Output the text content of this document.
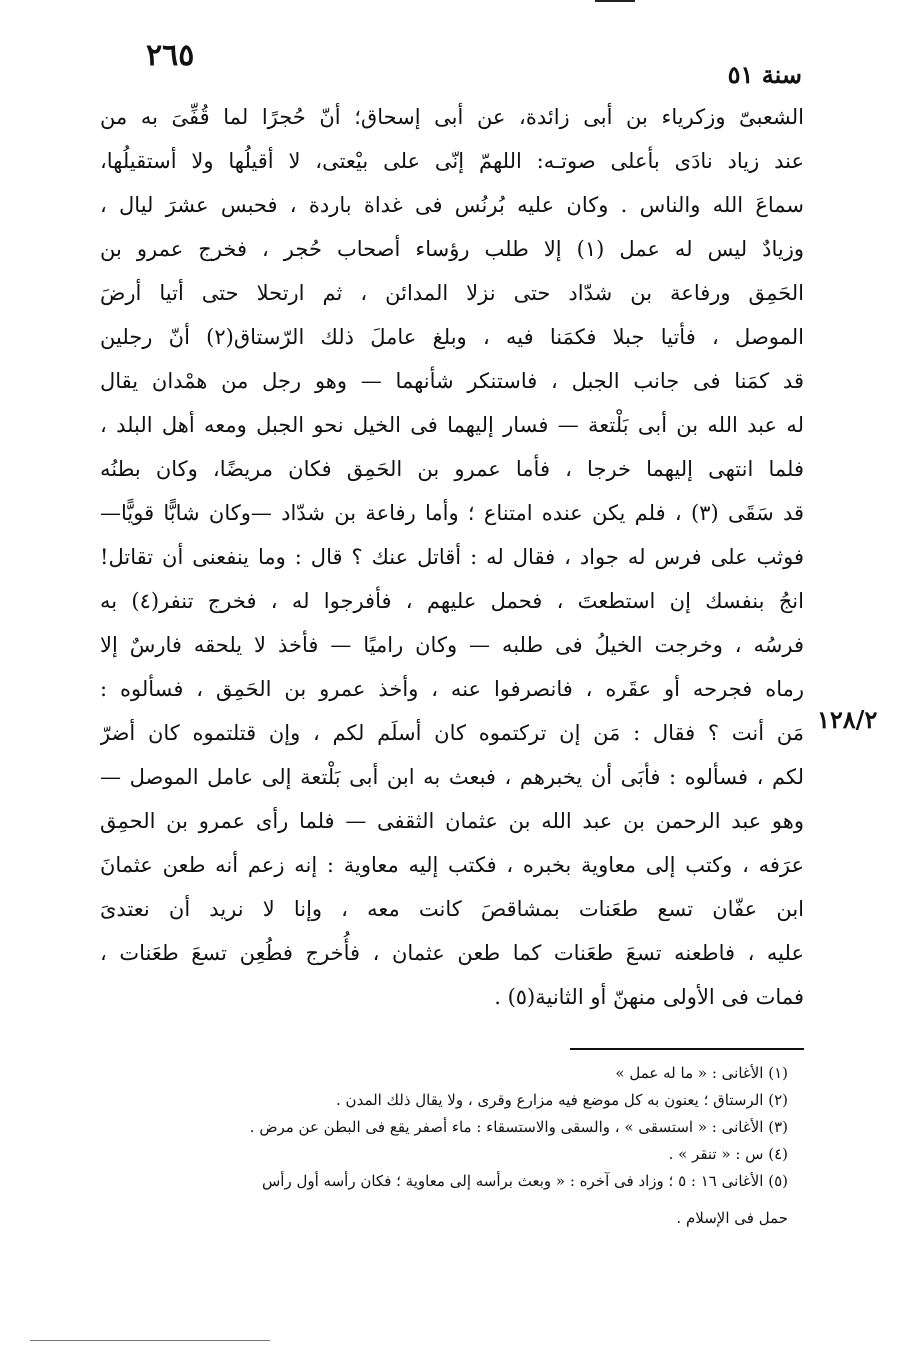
٢٦٥
سنة ٥١
١٢٨/٢
الشعبىّ وزكرياء بن أبى زائدة، عن أبى إسحاق؛ أنّ حُجرًا لما قُفِّىَ به من
عند زياد نادَى بأعلى صوتـه: اللهمّ إنّى على بيْعتى، لا أقيلُها ولا أستقيلُها،
سماعَ الله والناس . وكان عليه بُرنُس فى غداة باردة ، فحبس عشرَ ليال ،
وزيادٌ ليس له عمل (١) إلا طلب رؤساء أصحاب حُجر ، فخرج عمرو بن
الحَمِق ورفاعة بن شدّاد حتى نزلا المدائن ، ثم ارتحلا حتى أتيا أرضَ
الموصل ، فأتيا جبلا فكمَنا فيه ، وبلغ عاملَ ذلك الرّستاق(٢) أنّ رجلين
قد كمَنا فى جانب الجبل ، فاستنكر شأنهما — وهو رجل من همْدان يقال
له عبد الله بن أبى بَلْتعة — فسار إليهما فى الخيل نحو الجبل ومعه أهل البلد ،
فلما انتهى إليهما خرجا ، فأما عمرو بن الحَمِق فكان مريضًا، وكان بطنُه
قد سَقَى (٣) ، فلم يكن عنده امتناع ؛ وأما رفاعة بن شدّاد —وكان شابًّا قويًّا—
فوثب على فرس له جواد ، فقال له : أقاتل عنك ؟ قال : وما ينفعنى أن تقاتل!
انجُ بنفسك إن استطعتَ ، فحمل عليهم ، فأفرجوا له ، فخرج تنفر(٤) به
فرسُه ، وخرجت الخيلُ فى طلبه — وكان راميًا — فأخذ لا يلحقه فارسٌ إلا
رماه فجرحه أو عقَره ، فانصرفوا عنه ، وأخذ عمرو بن الحَمِق ، فسألوه :
مَن أنت ؟ فقال : مَن إن تركتموه كان أسلَم لكم ، وإن قتلتموه كان أضرّ
لكم ، فسألوه : فأبَى أن يخبرهم ، فبعث به ابن أبى بَلْتعة إلى عامل الموصل —
وهو عبد الرحمن بن عبد الله بن عثمان الثقفى — فلما رأى عمرو بن الحمِق
عرَفه ، وكتب إلى معاوية بخبره ، فكتب إليه معاوية : إنه زعم أنه طعن عثمانَ
ابن عفّان تسع طعَنات بمشاقصَ كانت معه ، وإنا لا نريد أن نعتدىَ
عليه ، فاطعنه تسعَ طعَنات كما طعن عثمان ، فأُخرج فطُعِن تسعَ طعَنات ،
فمات فى الأولى منهنّ أو الثانية(٥) .
(١) الأغانى : « ما له عمل »
(٢) الرستاق ؛ يعنون به كل موضع فيه مزارع وقرى ، ولا يقال ذلك المدن .
(٣) الأغانى : « استسقى » ، والسقى والاستسقاء : ماء أصفر يقع فى البطن عن مرض .
(٤) س : « تنقر » .
(٥) الأغانى ١٦ : ٥ ؛ وزاد فى آخره : « وبعث برأسه إلى معاوية ؛ فكان رأسه أول رأس
حمل فى الإسلام .
